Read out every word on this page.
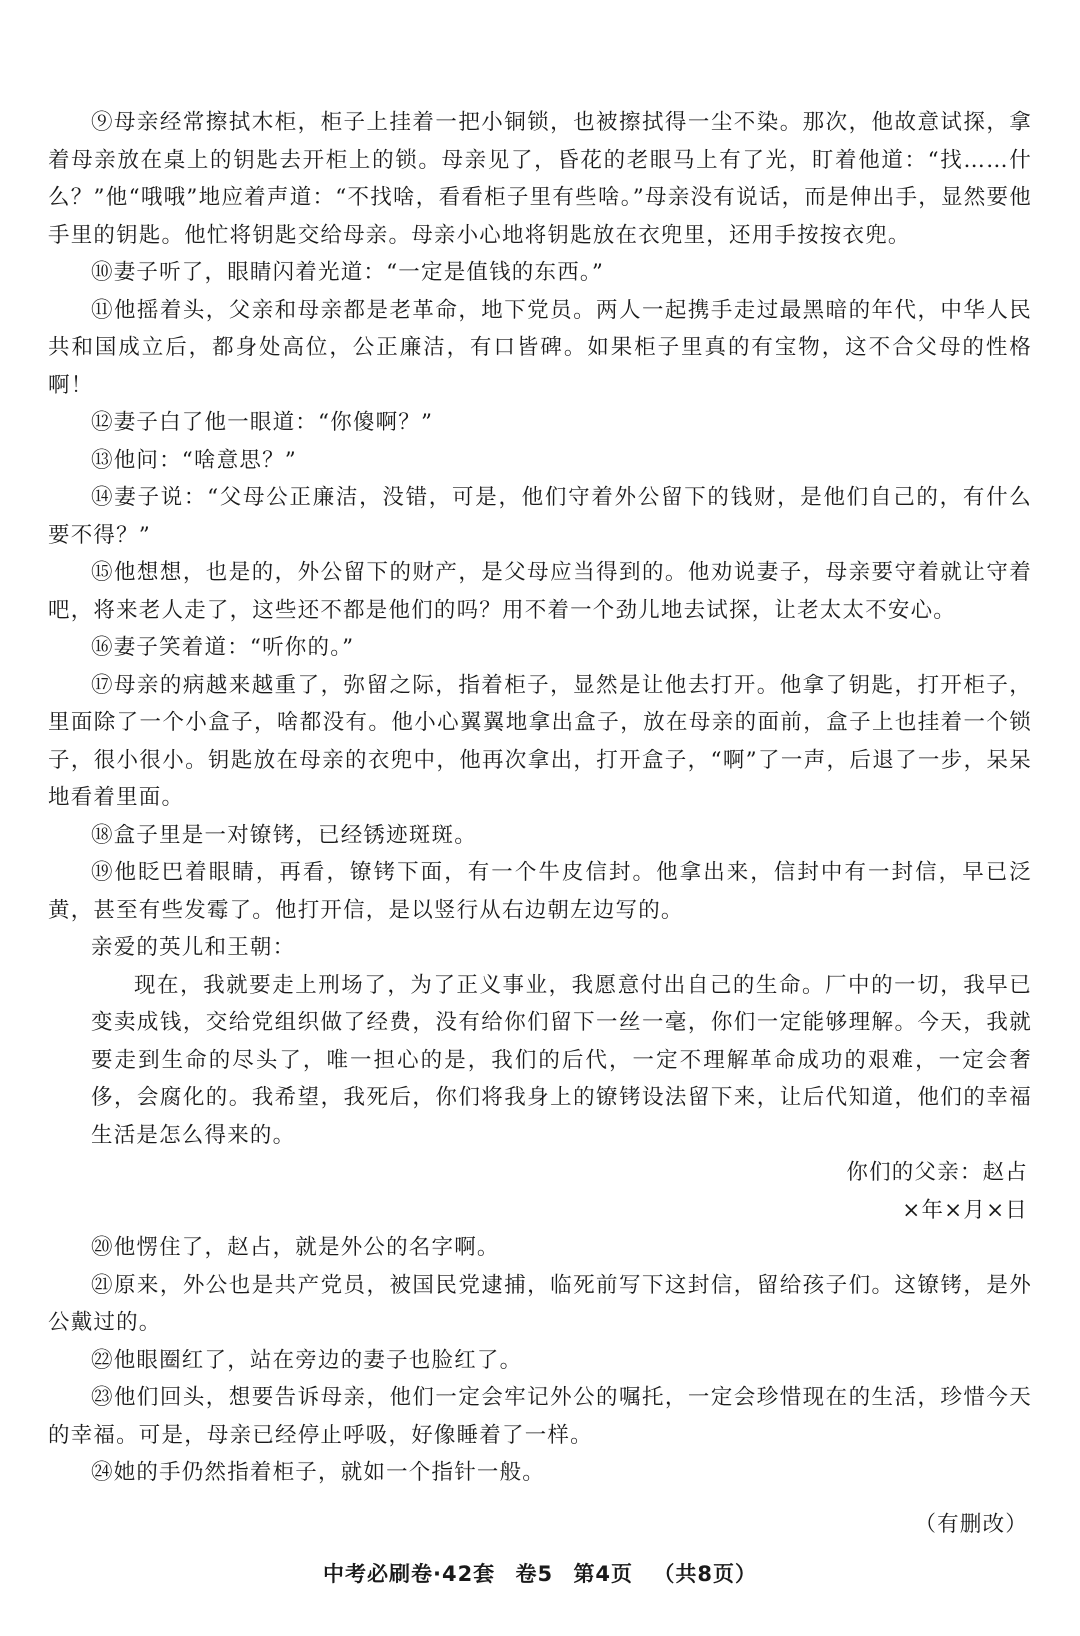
⑨母亲经常擦拭木柜，柜子上挂着一把小铜锁，也被擦拭得一尘不染。那次，他故意试探，拿着母亲放在桌上的钥匙去开柜上的锁。母亲见了，昏花的老眼马上有了光，盯着他道：“找……什么？”他“哦哦”地应着声道：“不找啥，看看柜子里有些啥。”母亲没有说话，而是伸出手，显然要他手里的钥匙。他忙将钥匙交给母亲。母亲小心地将钥匙放在衣兜里，还用手按按衣兜。

⑩妻子听了，眼睛闪着光道：“一定是值钱的东西。”

⑪他摇着头，父亲和母亲都是老革命，地下党员。两人一起携手走过最黑暗的年代，中华人民共和国成立后，都身处高位，公正廉洁，有口皆碑。如果柜子里真的有宝物，这不合父母的性格啊！

⑫妻子白了他一眼道：“你傻啊？”

⑬他问：“啥意思？”

⑭妻子说：“父母公正廉洁，没错，可是，他们守着外公留下的钱财，是他们自己的，有什么要不得？”

⑮他想想，也是的，外公留下的财产，是父母应当得到的。他劝说妻子，母亲要守着就让守着吧，将来老人走了，这些还不都是他们的吗？用不着一个劲儿地去试探，让老太太不安心。

⑯妻子笑着道：“听你的。”

⑰母亲的病越来越重了，弥留之际，指着柜子，显然是让他去打开。他拿了钥匙，打开柜子，里面除了一个小盒子，啥都没有。他小心翼翼地拿出盒子，放在母亲的面前，盒子上也挂着一个锁子，很小很小。钥匙放在母亲的衣兜中，他再次拿出，打开盒子，“啊”了一声，后退了一步，呆呆地看着里面。

⑱盒子里是一对镣铐，已经锈迹斑斑。

⑲他眨巴着眼睛，再看，镣铐下面，有一个牛皮信封。他拿出来，信封中有一封信，早已泛黄，甚至有些发霉了。他打开信，是以竖行从右边朝左边写的。

亲爱的英儿和王朝：

现在，我就要走上刑场了，为了正义事业，我愿意付出自己的生命。厂中的一切，我早已变卖成钱，交给党组织做了经费，没有给你们留下一丝一毫，你们一定能够理解。今天，我就要走到生命的尽头了，唯一担心的是，我们的后代，一定不理解革命成功的艰难，一定会奢侈，会腐化的。我希望，我死后，你们将我身上的镣铐设法留下来，让后代知道，他们的幸福生活是怎么得来的。

你们的父亲：赵占

×年×月×日

⑳他愣住了，赵占，就是外公的名字啊。

㉑原来，外公也是共产党员，被国民党逮捕，临死前写下这封信，留给孩子们。这镣铐，是外公戴过的。

㉒他眼圈红了，站在旁边的妻子也脸红了。

㉓他们回头，想要告诉母亲，他们一定会牢记外公的嘱托，一定会珍惜现在的生活，珍惜今天的幸福。可是，母亲已经停止呼吸，好像睡着了一样。

㉔她的手仍然指着柜子，就如一个指针一般。

（有删改）

中考必刷卷·42套 卷5 第4页 （共8页）
